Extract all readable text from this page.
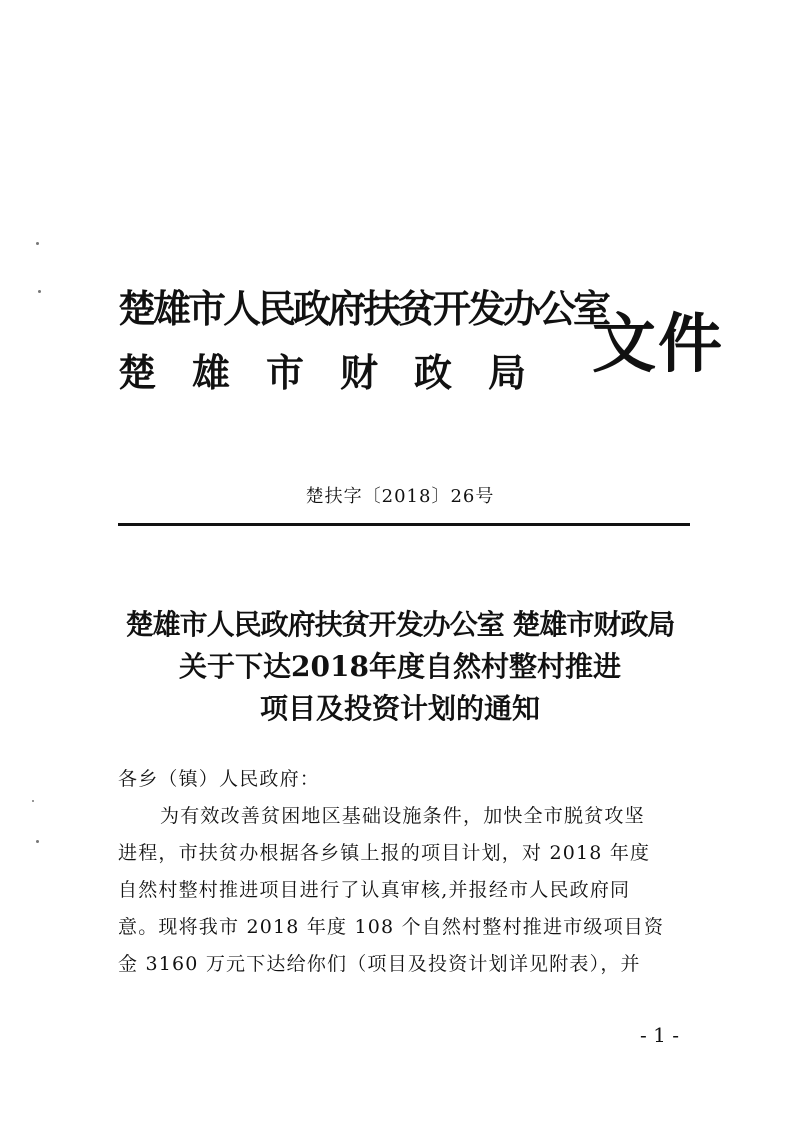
楚雄市人民政府扶贫开发办公室
楚雄市财政局 文件
楚扶字〔2018〕26号
楚雄市人民政府扶贫开发办公室 楚雄市财政局
关于下达2018年度自然村整村推进
项目及投资计划的通知
各乡（镇）人民政府：
为有效改善贫困地区基础设施条件，加快全市脱贫攻坚
进程，市扶贫办根据各乡镇上报的项目计划，对 2018 年度
自然村整村推进项目进行了认真审核,并报经市人民政府同
意。现将我市 2018 年度 108 个自然村整村推进市级项目资
金 3160 万元下达给你们（项目及投资计划详见附表），并
- 1 -
